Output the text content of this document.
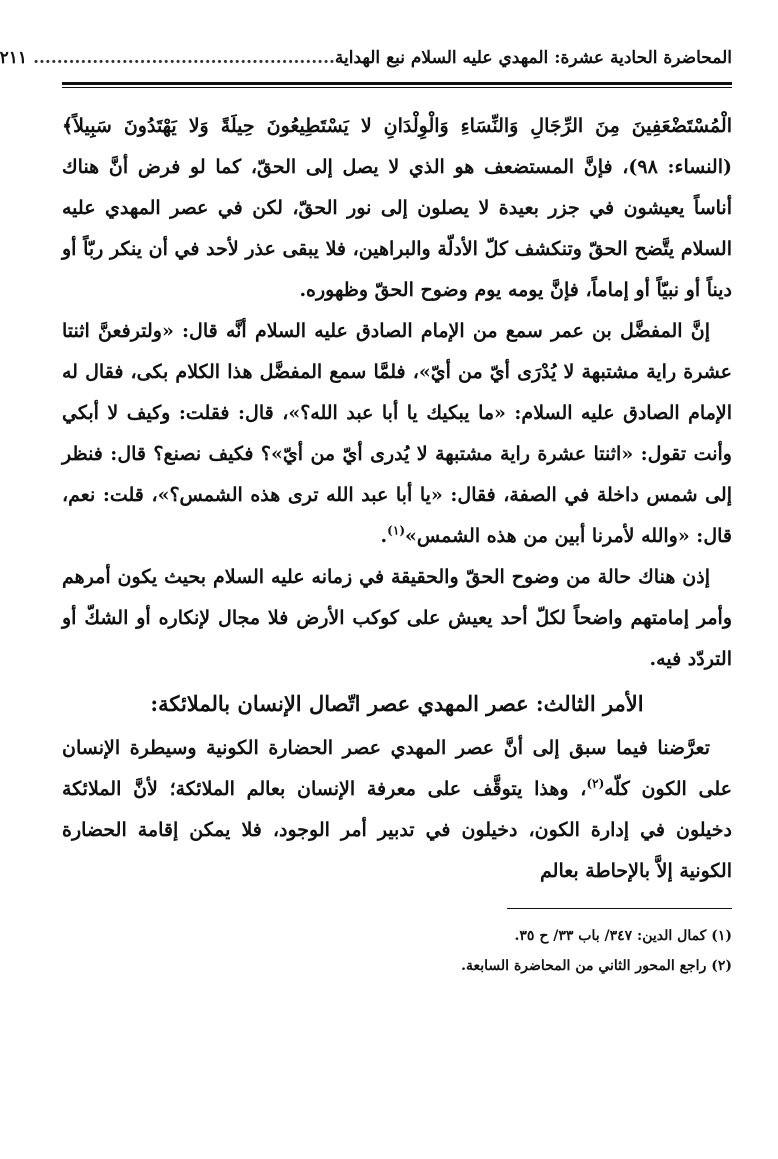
المحاضرة الحادية عشرة: المهدي عليه السلام نبع الهداية...................................................
٢١١

الْمُسْتَضْعَفِينَ مِنَ الرِّجَالِ وَالنِّسَاءِ وَالْوِلْدَانِ لا يَسْتَطِيعُونَ حِيلَةً وَلا يَهْتَدُونَ سَبِيلاً﴾ (النساء: ٩٨)، فإنَّ المستضعف هو الذي لا يصل إلى الحقّ، كما لو فرض أنَّ هناك أناساً يعيشون في جزر بعيدة لا يصلون إلى نور الحقّ، لكن في عصر المهدي عليه السلام يتَّضح الحقّ وتنكشف كلّ الأدلّة والبراهين، فلا يبقى عذر لأحد في أن ينكر ربّاً أو ديناً أو نبيّاً أو إماماً، فإنَّ يومه يوم وضوح الحقّ وظهوره.

إنَّ المفضَّل بن عمر سمع من الإمام الصادق عليه السلام أنَّه قال: «ولترفعنَّ اثنتا عشرة راية مشتبهة لا يُدْرَى أيّ من أيّ»، فلمَّا سمع المفضَّل هذا الكلام بكى، فقال له الإمام الصادق عليه السلام: «ما يبكيك يا أبا عبد الله؟»، قال: فقلت: وكيف لا أبكي وأنت تقول: «اثنتا عشرة راية مشتبهة لا يُدرى أيّ من أيّ»؟ فكيف نصنع؟ قال: فنظر إلى شمس داخلة في الصفة، فقال: «يا أبا عبد الله ترى هذه الشمس؟»، قلت: نعم، قال: «والله لأمرنا أبين من هذه الشمس»$^{(١)}$.

إذن هناك حالة من وضوح الحقّ والحقيقة في زمانه عليه السلام بحيث يكون أمرهم وأمر إمامتهم واضحاً لكلّ أحد يعيش على كوكب الأرض فلا مجال لإنكاره أو الشكّ أو التردّد فيه.

الأمر الثالث: عصر المهدي عصر اتّصال الإنسان بالملائكة:

تعرَّضنا فيما سبق إلى أنَّ عصر المهدي عصر الحضارة الكونية وسيطرة الإنسان على الكون كلّه$^{(٢)}$، وهذا يتوقَّف على معرفة الإنسان بعالم الملائكة؛ لأنَّ الملائكة دخيلون في إدارة الكون، دخيلون في تدبير أمر الوجود، فلا يمكن إقامة الحضارة الكونية إلاَّ بالإحاطة بعالم

(١) كمال الدين: ٣٤٧/ باب ٣٣/ ح ٣٥.

(٢) راجع المحور الثاني من المحاضرة السابعة.
